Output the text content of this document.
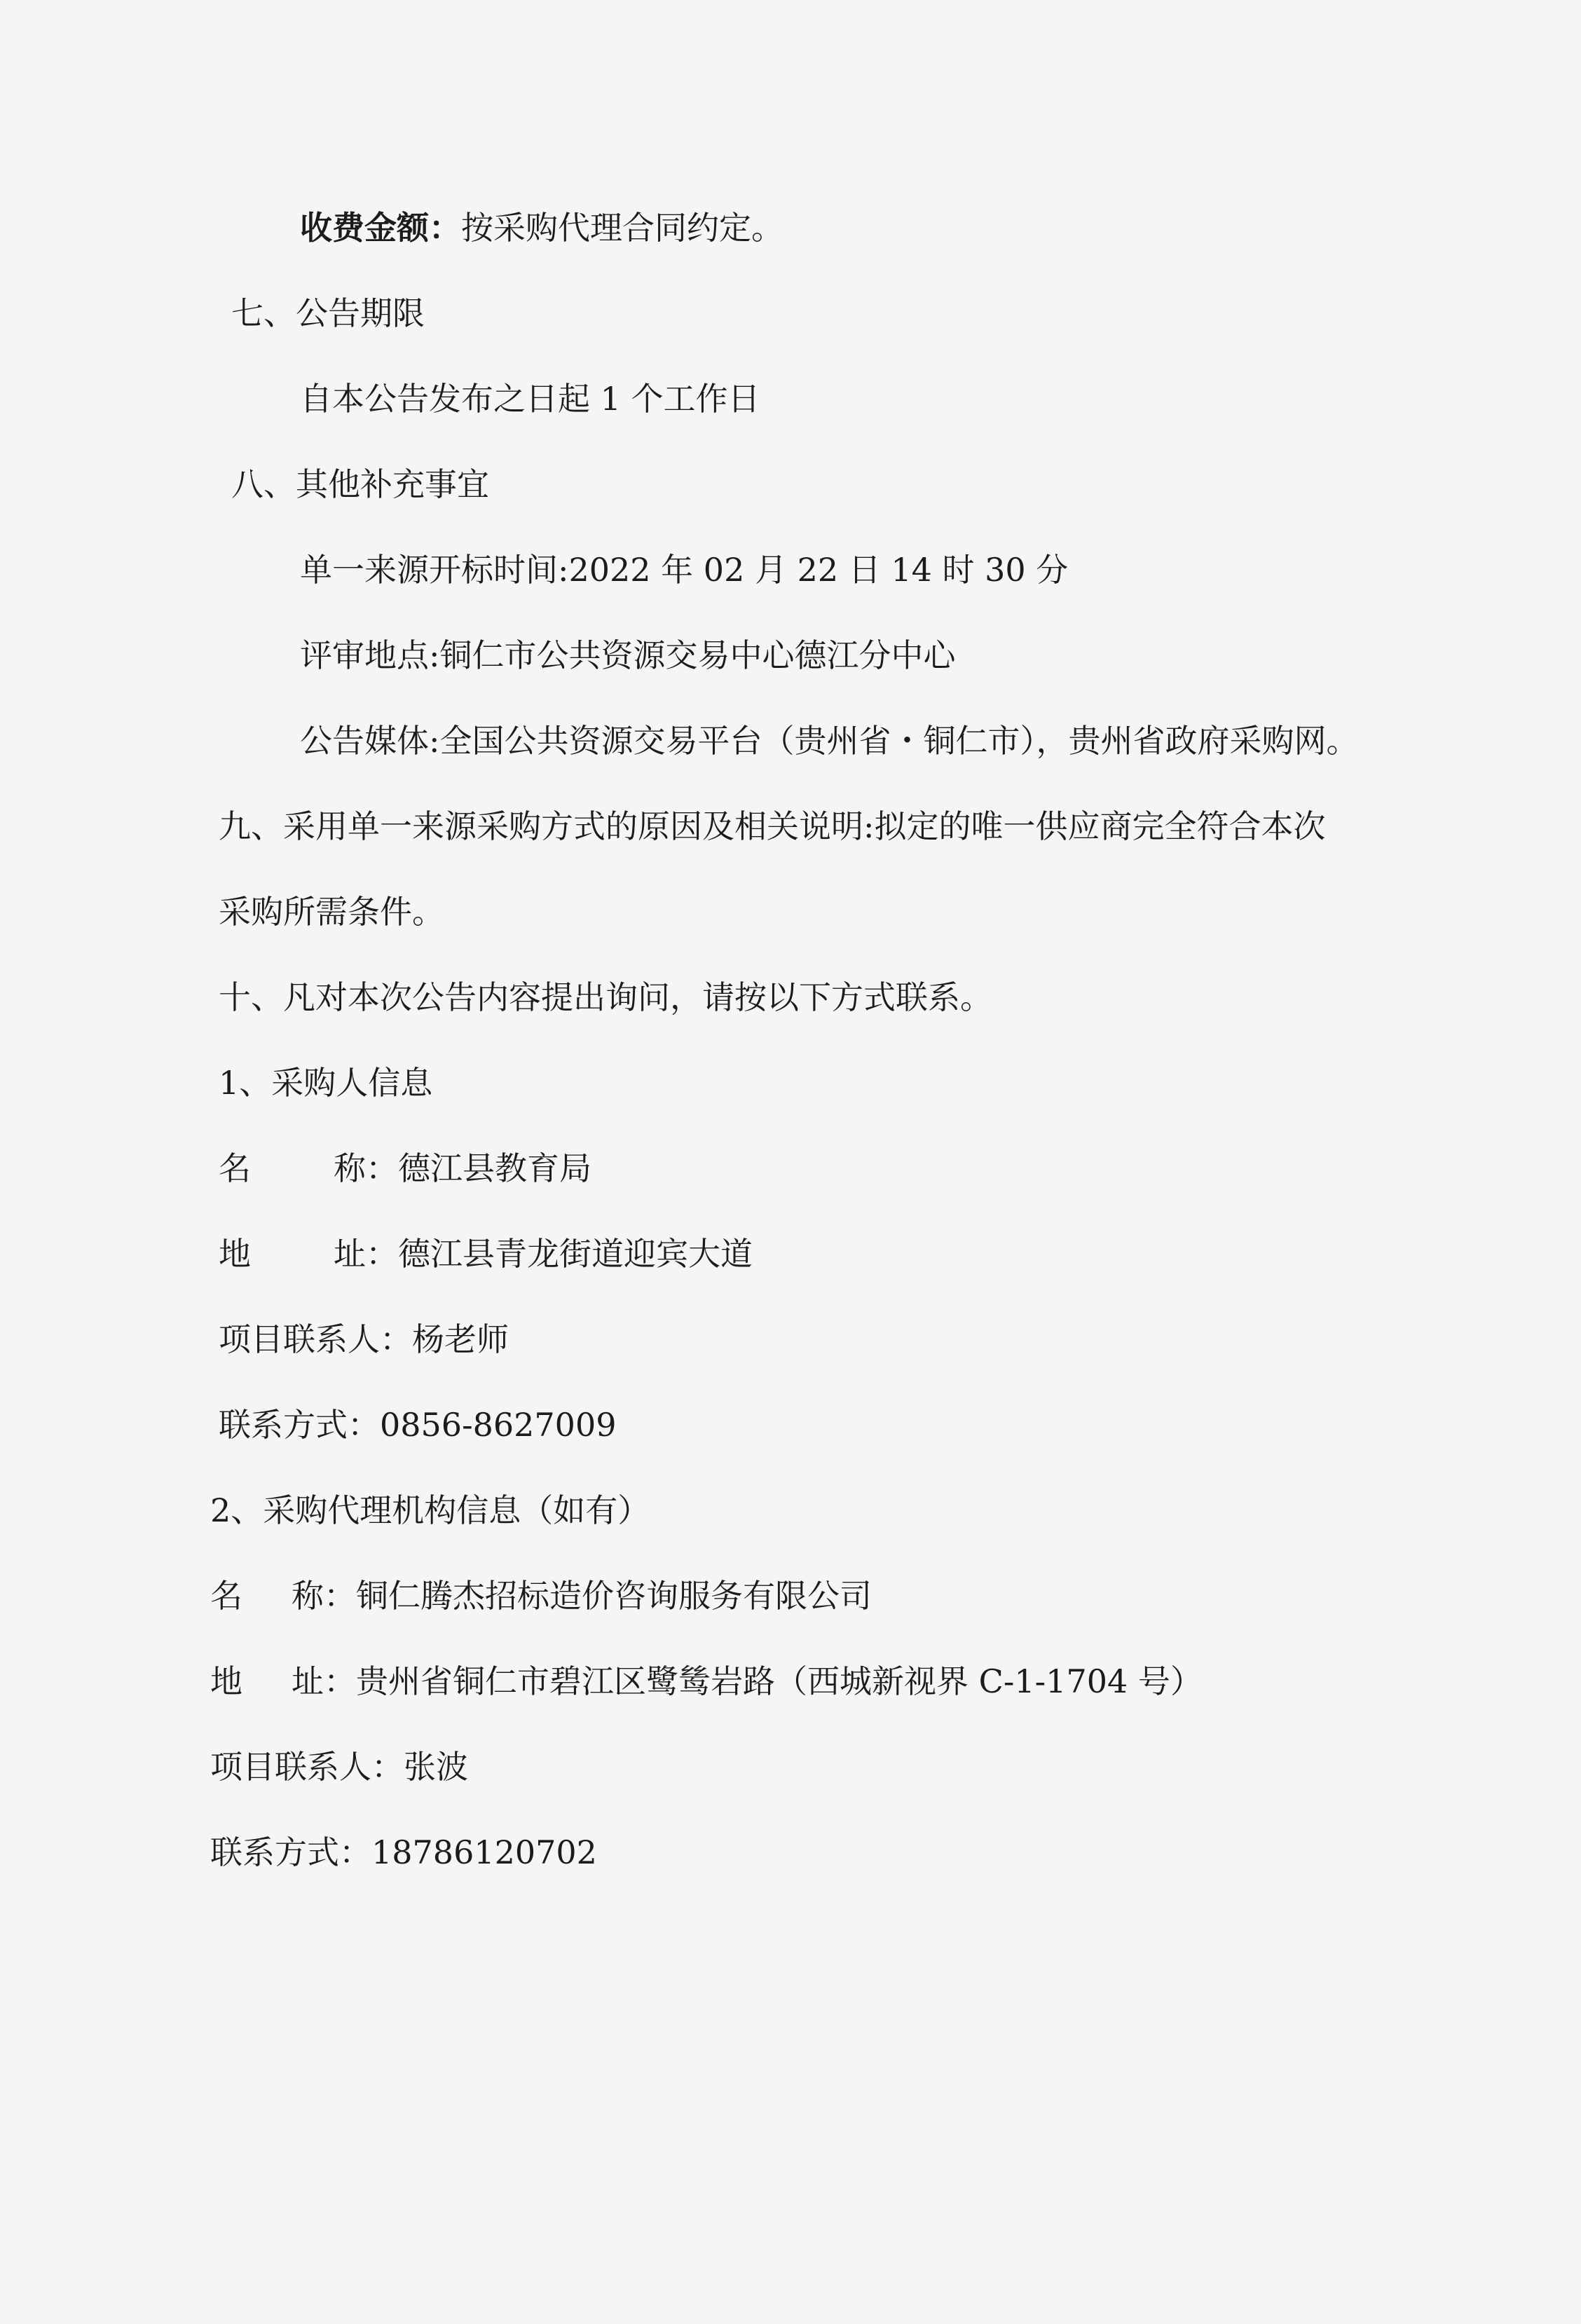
收费金额：按采购代理合同约定。
七、公告期限
自本公告发布之日起 1 个工作日
八、其他补充事宜
单一来源开标时间:2022 年 02 月 22 日 14 时 30 分
评审地点:铜仁市公共资源交易中心德江分中心
公告媒体:全国公共资源交易平台（贵州省・铜仁市），贵州省政府采购网。
九、采用单一来源采购方式的原因及相关说明:拟定的唯一供应商完全符合本次
采购所需条件。
十、凡对本次公告内容提出询问，请按以下方式联系。
1、采购人信息
名	称：德江县教育局
地	址：德江县青龙街道迎宾大道
项目联系人：杨老师
联系方式：0856-8627009
2、采购代理机构信息（如有）
名 称：铜仁腾杰招标造价咨询服务有限公司
地 址：贵州省铜仁市碧江区鹭鸶岩路（西城新视界 C-1-1704 号）
项目联系人：张波
联系方式：18786120702
